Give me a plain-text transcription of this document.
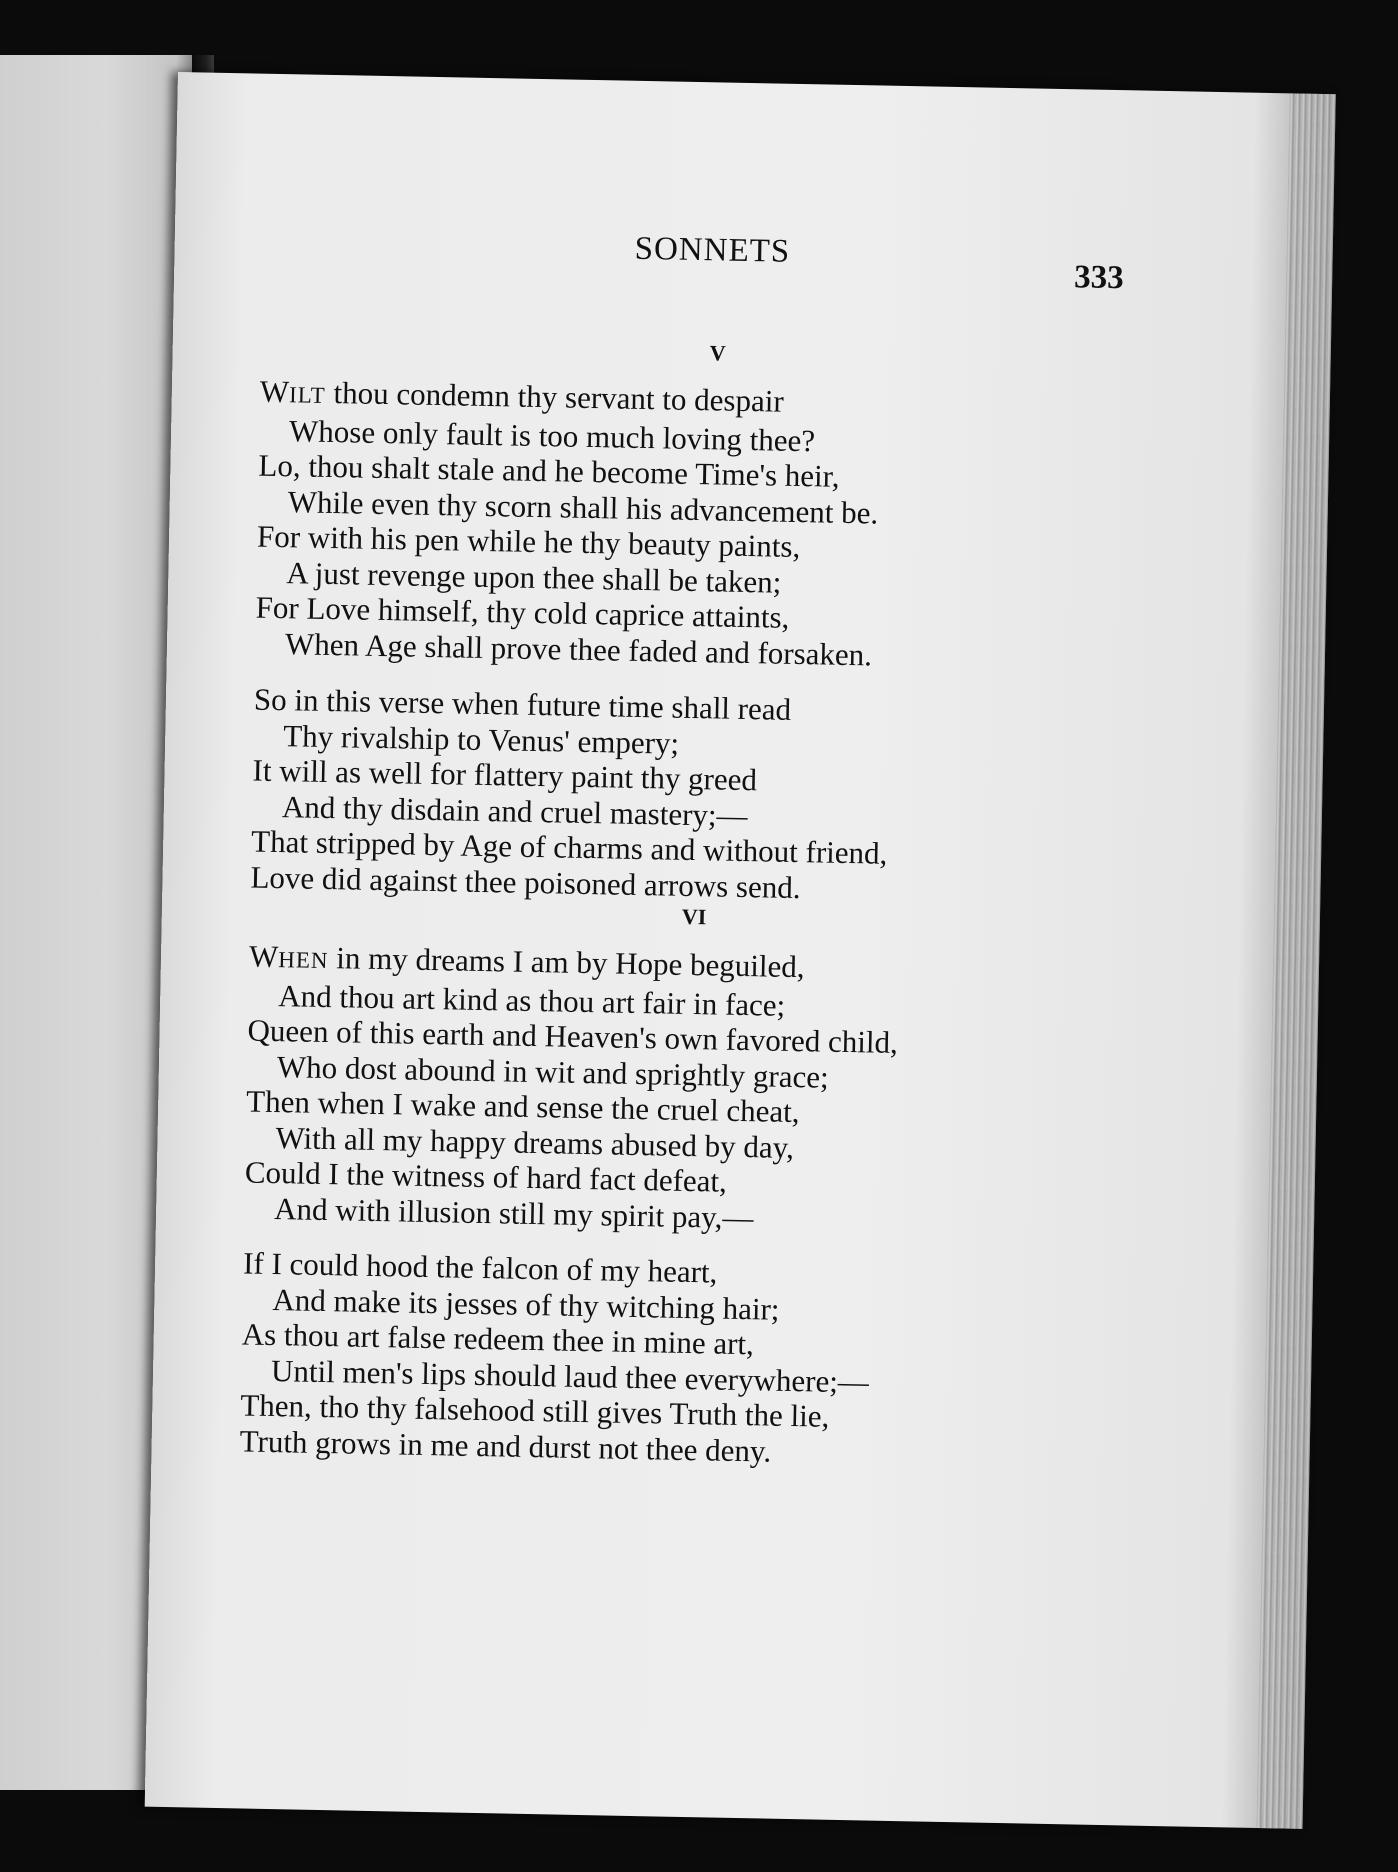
SONNETS
333
V
WILT thou condemn thy servant to despair
Whose only fault is too much loving thee?
Lo, thou shalt stale and he become Time's heir,
While even thy scorn shall his advancement be.
For with his pen while he thy beauty paints,
A just revenge upon thee shall be taken;
For Love himself, thy cold caprice attaints,
When Age shall prove thee faded and forsaken.
So in this verse when future time shall read
Thy rivalship to Venus' empery;
It will as well for flattery paint thy greed
And thy disdain and cruel mastery;—
That stripped by Age of charms and without friend,
Love did against thee poisoned arrows send.
VI
WHEN in my dreams I am by Hope beguiled,
And thou art kind as thou art fair in face;
Queen of this earth and Heaven's own favored child,
Who dost abound in wit and sprightly grace;
Then when I wake and sense the cruel cheat,
With all my happy dreams abused by day,
Could I the witness of hard fact defeat,
And with illusion still my spirit pay,—
If I could hood the falcon of my heart,
And make its jesses of thy witching hair;
As thou art false redeem thee in mine art,
Until men's lips should laud thee everywhere;—
Then, tho thy falsehood still gives Truth the lie,
Truth grows in me and durst not thee deny.
